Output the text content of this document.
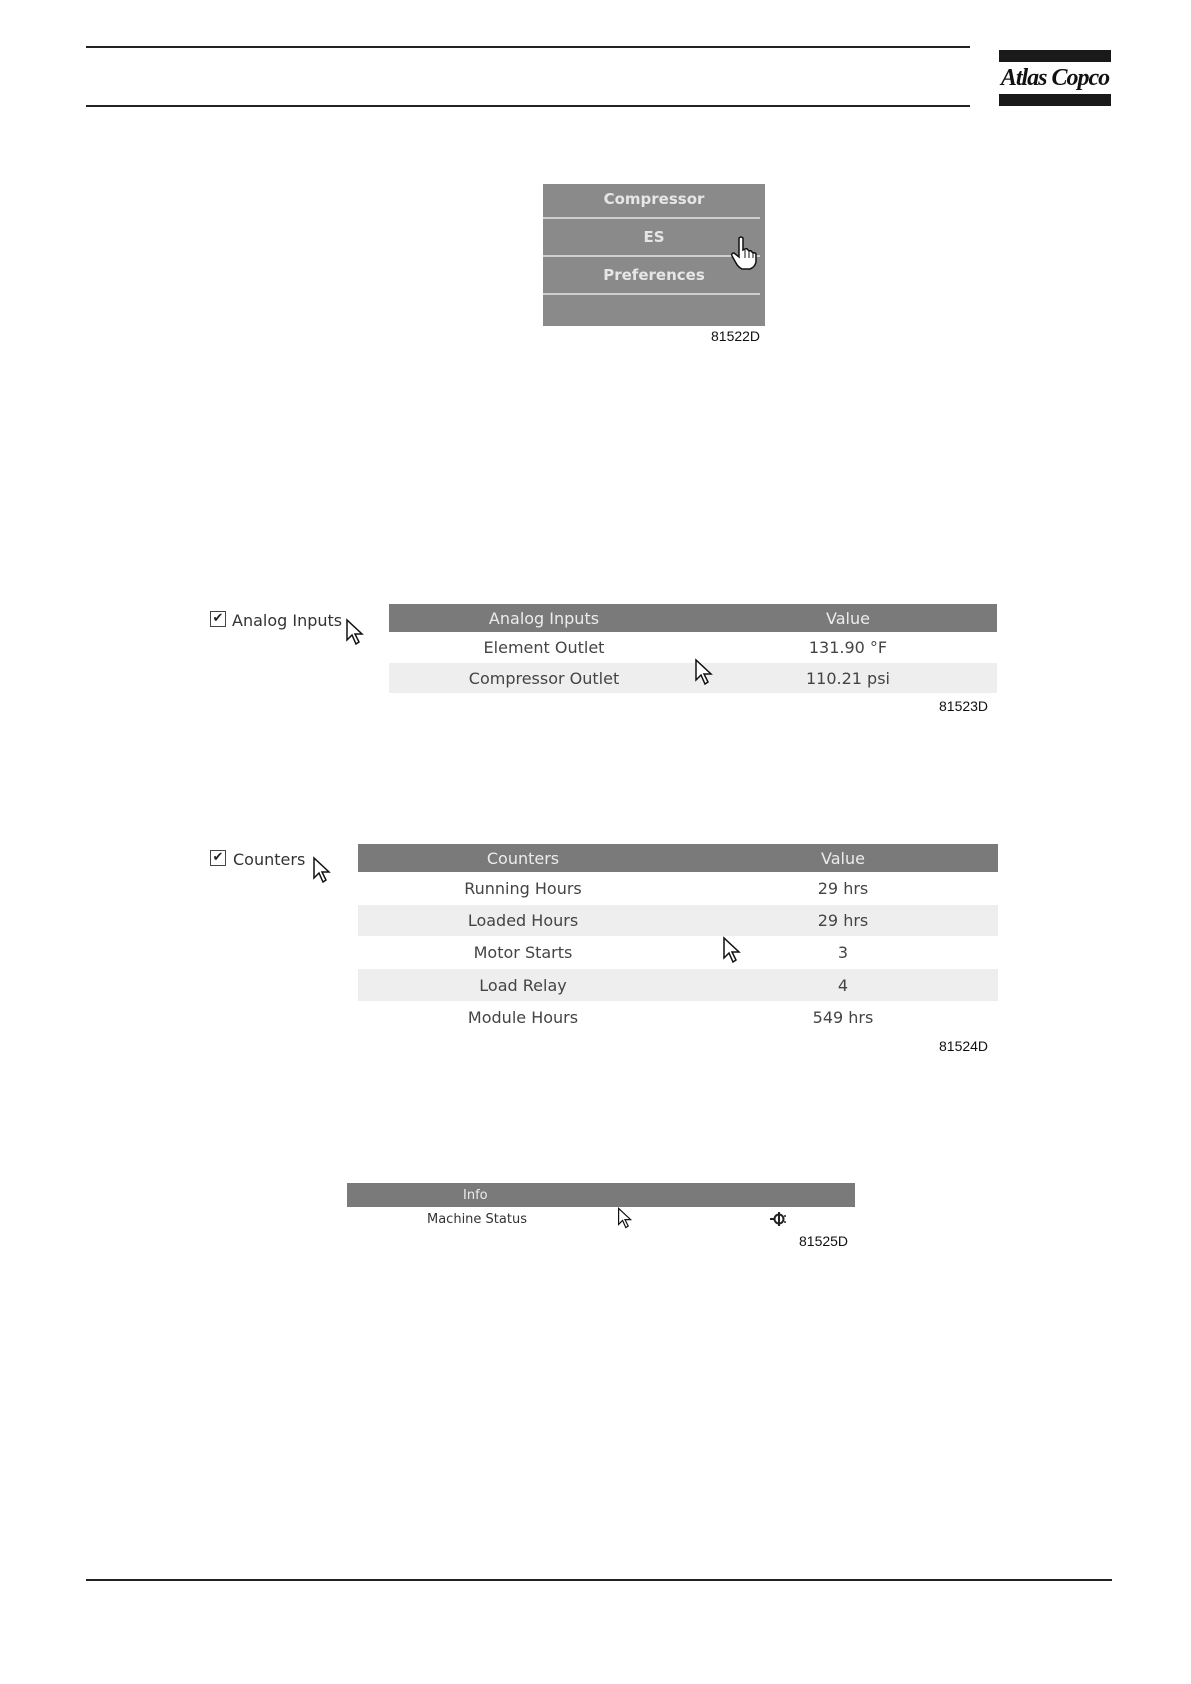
Atlas Copco
Compressor
ES
Preferences
81522D
✔ Analog Inputs	Analog Inputs	Value
Element Outlet	131.90 °F
Compressor Outlet	110.21 psi
81523D
✔ Counters	Counters	Value
Running Hours	29 hrs
Loaded Hours	29 hrs
Motor Starts	3
Load Relay	4
Module Hours	549 hrs
81524D
Info	
Machine Status	
81525D
